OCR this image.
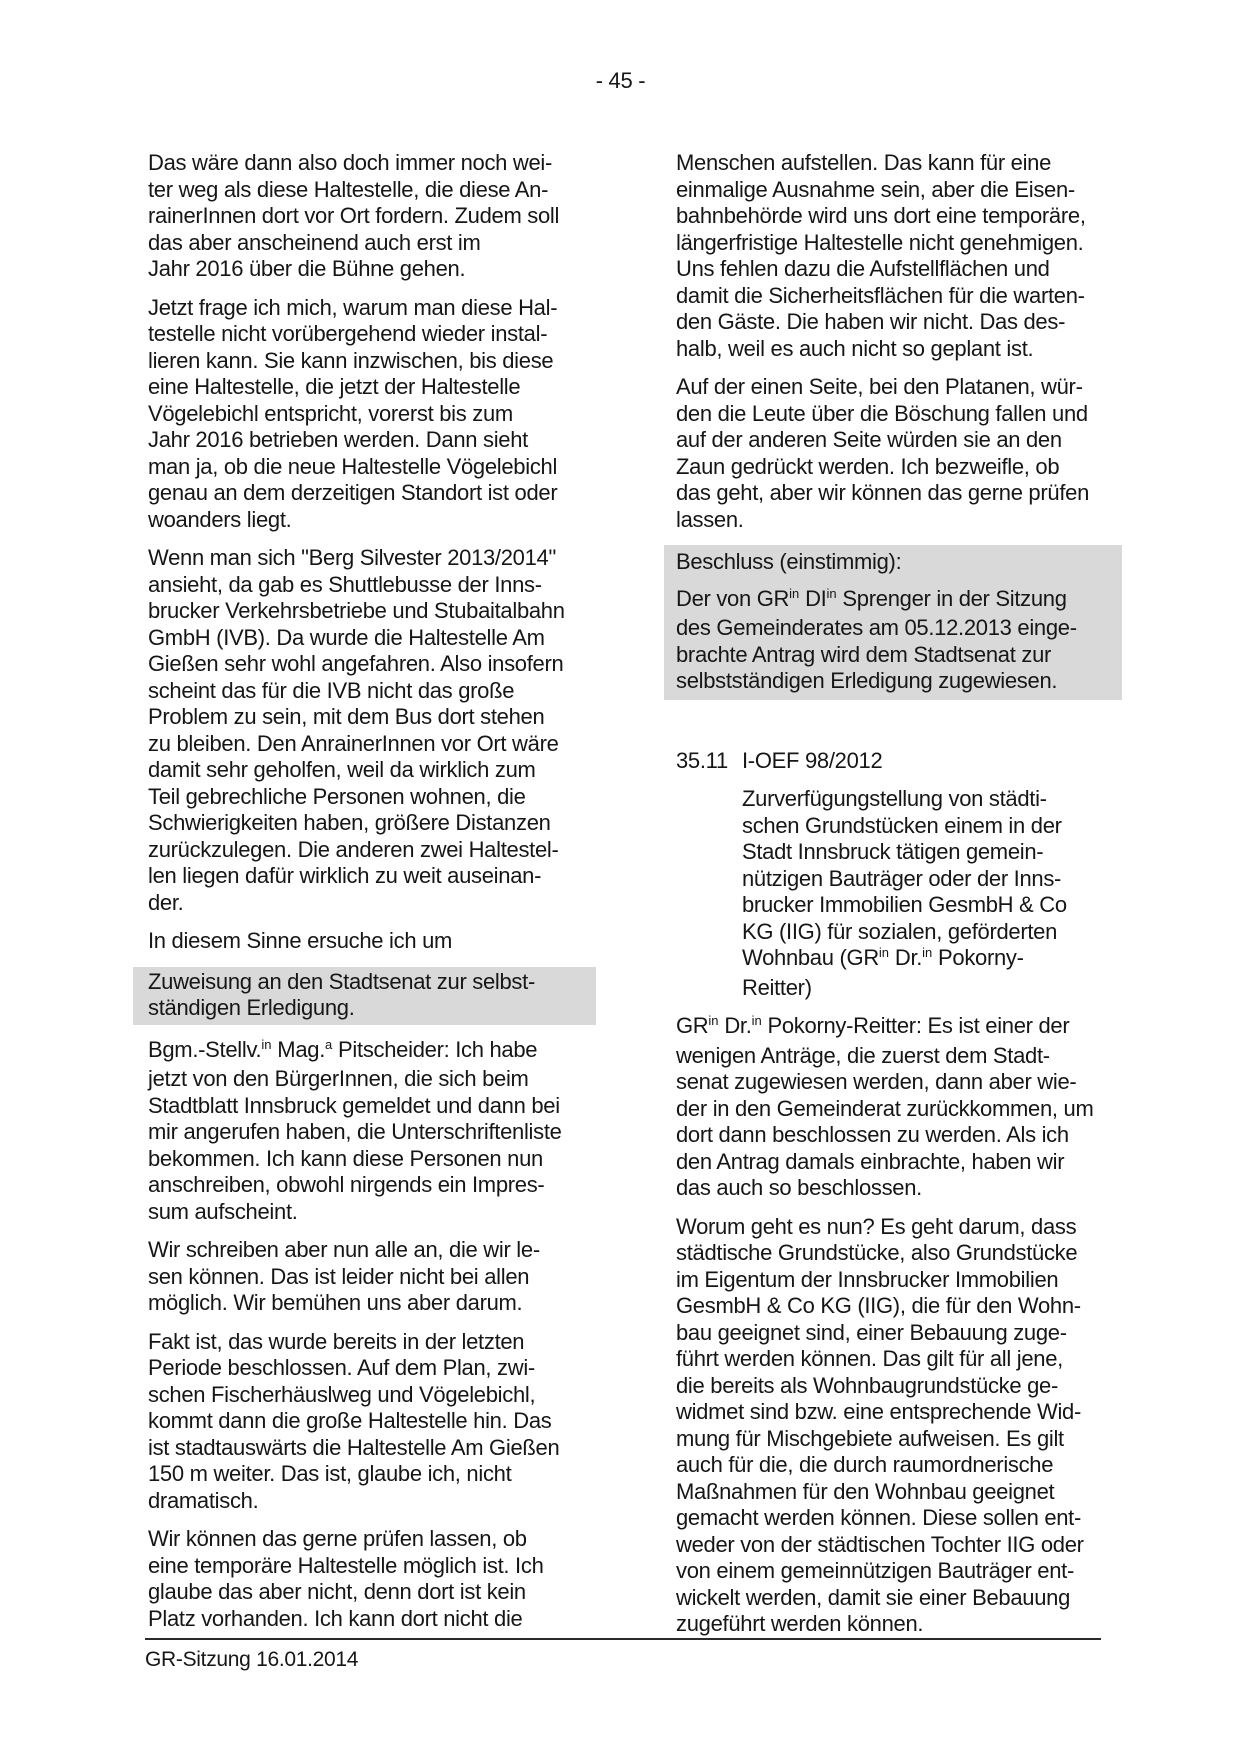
- 45 -

Das wäre dann also doch immer noch wei-
ter weg als diese Haltestelle, die diese An-
rainerInnen dort vor Ort fordern. Zudem soll
das aber anscheinend auch erst im
Jahr 2016 über die Bühne gehen.

Jetzt frage ich mich, warum man diese Hal-
testelle nicht vorübergehend wieder instal-
lieren kann. Sie kann inzwischen, bis diese
eine Haltestelle, die jetzt der Haltestelle
Vögelebichl entspricht, vorerst bis zum
Jahr 2016 betrieben werden. Dann sieht
man ja, ob die neue Haltestelle Vögelebichl
genau an dem derzeitigen Standort ist oder
woanders liegt.

Wenn man sich "Berg Silvester 2013/2014"
ansieht, da gab es Shuttlebusse der Inns-
brucker Verkehrsbetriebe und Stubaitalbahn
GmbH (IVB). Da wurde die Haltestelle Am
Gießen sehr wohl angefahren. Also insofern
scheint das für die IVB nicht das große
Problem zu sein, mit dem Bus dort stehen
zu bleiben. Den AnrainerInnen vor Ort wäre
damit sehr geholfen, weil da wirklich zum
Teil gebrechliche Personen wohnen, die
Schwierigkeiten haben, größere Distanzen
zurückzulegen. Die anderen zwei Haltestel-
len liegen dafür wirklich zu weit auseinan-
der.

In diesem Sinne ersuche ich um

Zuweisung an den Stadtsenat zur selbst-
ständigen Erledigung.

Bgm.-Stellv.$^{in}$ Mag.$^a$ Pitscheider: Ich habe
jetzt von den BürgerInnen, die sich beim
Stadtblatt Innsbruck gemeldet und dann bei
mir angerufen haben, die Unterschriftenliste
bekommen. Ich kann diese Personen nun
anschreiben, obwohl nirgends ein Impres-
sum aufscheint.

Wir schreiben aber nun alle an, die wir le-
sen können. Das ist leider nicht bei allen
möglich. Wir bemühen uns aber darum.

Fakt ist, das wurde bereits in der letzten
Periode beschlossen. Auf dem Plan, zwi-
schen Fischerhäuslweg und Vögelebichl,
kommt dann die große Haltestelle hin. Das
ist stadtauswärts die Haltestelle Am Gießen
150 m weiter. Das ist, glaube ich, nicht
dramatisch.

Wir können das gerne prüfen lassen, ob
eine temporäre Haltestelle möglich ist. Ich
glaube das aber nicht, denn dort ist kein
Platz vorhanden. Ich kann dort nicht die

Menschen aufstellen. Das kann für eine
einmalige Ausnahme sein, aber die Eisen-
bahnbehörde wird uns dort eine temporäre,
längerfristige Haltestelle nicht genehmigen.
Uns fehlen dazu die Aufstellflächen und
damit die Sicherheitsflächen für die warten-
den Gäste. Die haben wir nicht. Das des-
halb, weil es auch nicht so geplant ist.

Auf der einen Seite, bei den Platanen, wür-
den die Leute über die Böschung fallen und
auf der anderen Seite würden sie an den
Zaun gedrückt werden. Ich bezweifle, ob
das geht, aber wir können das gerne prüfen
lassen.

Beschluss (einstimmig):

Der von $GR^{in}$ $DI^{in}$ Sprenger in der Sitzung
des Gemeinderates am 05.12.2013 einge-
brachte Antrag wird dem Stadtsenat zur
selbstständigen Erledigung zugewiesen.

35.11 I-OEF 98/2012

Zurverfügungstellung von städti-
schen Grundstücken einem in der
Stadt Innsbruck tätigen gemein-
nützigen Bauträger oder der Inns-
brucker Immobilien GesmbH & Co
KG (IIG) für sozialen, geförderten
Wohnbau ($GR^{in}$ Dr.$^{in}$ Pokorny-
Reitter)

$GR^{in}$ Dr.$^{in}$ Pokorny-Reitter: Es ist einer der
wenigen Anträge, die zuerst dem Stadt-
senat zugewiesen werden, dann aber wie-
der in den Gemeinderat zurückkommen, um
dort dann beschlossen zu werden. Als ich
den Antrag damals einbrachte, haben wir
das auch so beschlossen.

Worum geht es nun? Es geht darum, dass
städtische Grundstücke, also Grundstücke
im Eigentum der Innsbrucker Immobilien
GesmbH & Co KG (IIG), die für den Wohn-
bau geeignet sind, einer Bebauung zuge-
führt werden können. Das gilt für all jene,
die bereits als Wohnbaugrundstücke ge-
widmet sind bzw. eine entsprechende Wid-
mung für Mischgebiete aufweisen. Es gilt
auch für die, die durch raumordnerische
Maßnahmen für den Wohnbau geeignet
gemacht werden können. Diese sollen ent-
weder von der städtischen Tochter IIG oder
von einem gemeinnützigen Bauträger ent-
wickelt werden, damit sie einer Bebauung
zugeführt werden können.

GR-Sitzung 16.01.2014
